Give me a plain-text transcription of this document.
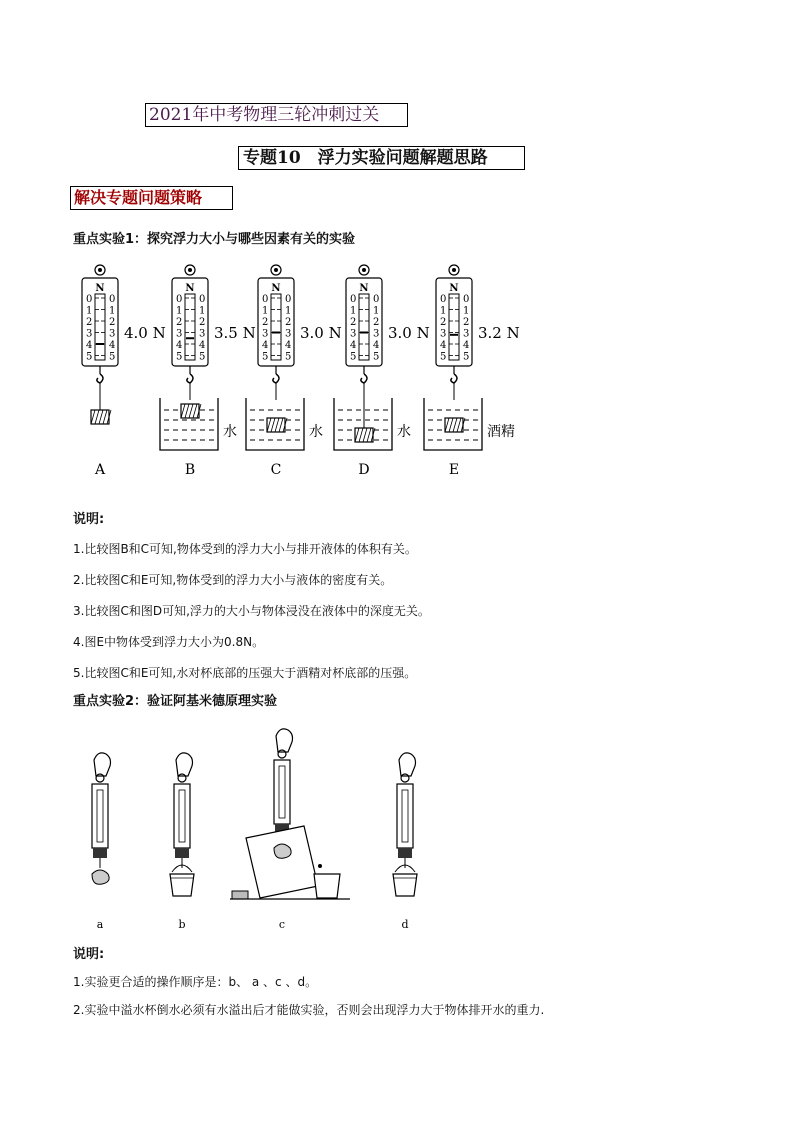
2021年中考物理三轮冲刺过关
专题10　浮力实验问题解题思路
解决专题问题策略
重点实验1：探究浮力大小与哪些因素有关的实验
N
0 0
1 1
2 2
3 3
4 4
5 5
4.0 N
A
N
0 0
1 1
2 2
3 3
4 4
5 5
3.5 N
B
水
N
0 0
1 1
2 2
3 3
4 4
5 5
3.0 N
C
水
N
0 0
1 1
2 2
3 3
4 4
5 5
3.0 N
D
水
N
0 0
1 1
2 2
3 3
4 4
5 5
3.2 N
E
酒精
说明:
1.比较图B和C可知,物体受到的浮力大小与排开液体的体积有关。
2.比较图C和E可知,物体受到的浮力大小与液体的密度有关。
3.比较图C和图D可知,浮力的大小与物体浸没在液体中的深度无关。
4.图E中物体受到浮力大小为0.8N。
5.比较图C和E可知,水对杯底部的压强大于酒精对杯底部的压强。
重点实验2：验证阿基米德原理实验
a	b	c	d
说明:
1.实验更合适的操作顺序是：b、 a 、c 、d。
2.实验中溢水杯倒水必须有水溢出后才能做实验，否则会出现浮力大于物体排开水的重力.
